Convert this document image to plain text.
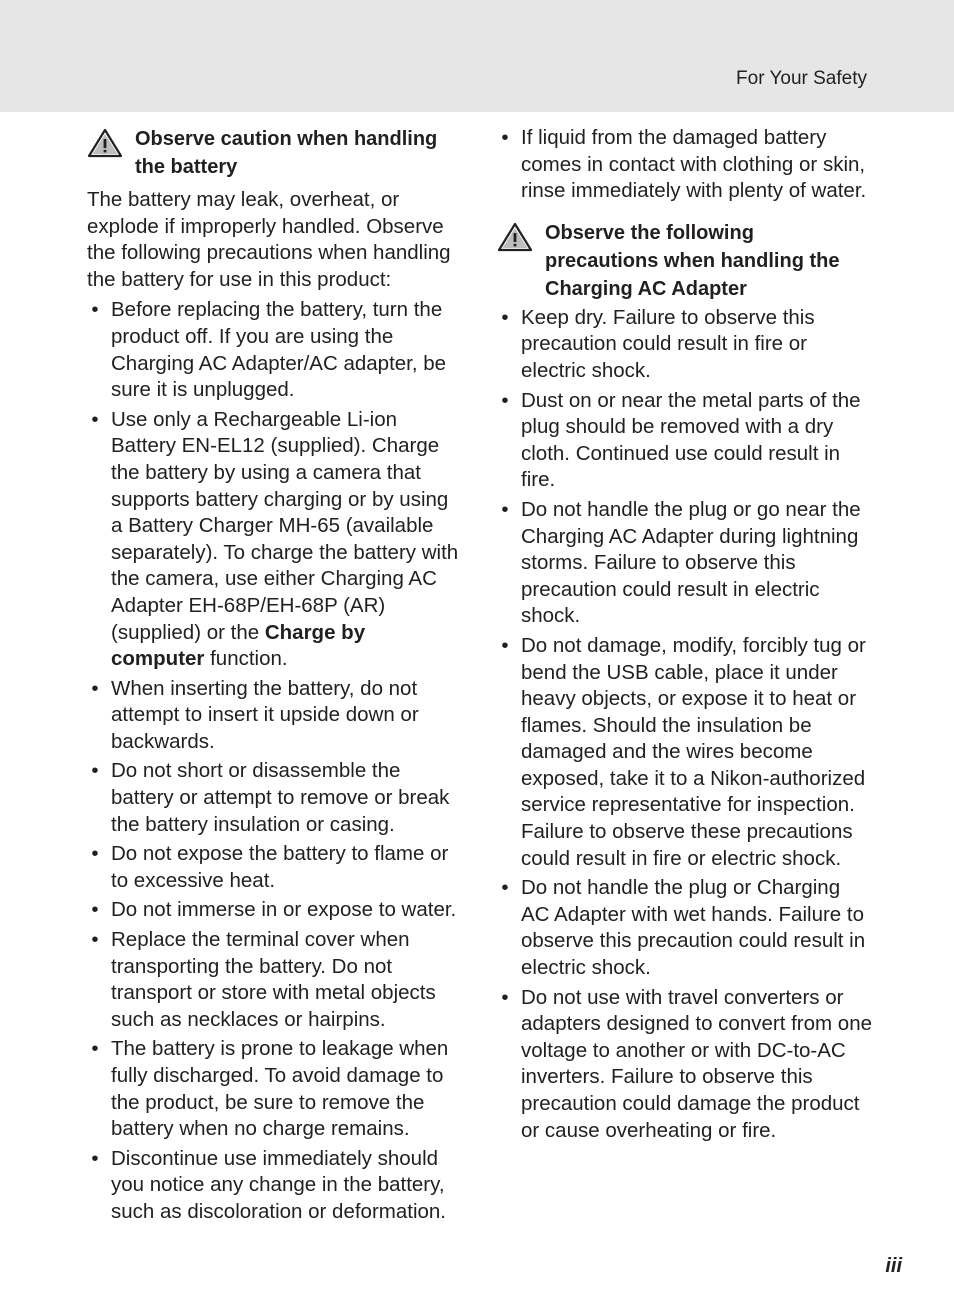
For Your Safety
Observe caution when handling the battery
The battery may leak, overheat, or explode if improperly handled. Observe the following precautions when handling the battery for use in this product:
• Before replacing the battery, turn the product off. If you are using the Charging AC Adapter/AC adapter, be sure it is unplugged.
• Use only a Rechargeable Li-ion Battery EN-EL12 (supplied). Charge the battery by using a camera that supports battery charging or by using a Battery Charger MH-65 (available separately). To charge the battery with the camera, use either Charging AC Adapter EH-68P/EH-68P (AR) (supplied) or the Charge by computer function.
• When inserting the battery, do not attempt to insert it upside down or backwards.
• Do not short or disassemble the battery or attempt to remove or break the battery insulation or casing.
• Do not expose the battery to flame or to excessive heat.
• Do not immerse in or expose to water.
• Replace the terminal cover when transporting the battery. Do not transport or store with metal objects such as necklaces or hairpins.
• The battery is prone to leakage when fully discharged. To avoid damage to the product, be sure to remove the battery when no charge remains.
• Discontinue use immediately should you notice any change in the battery, such as discoloration or deformation.
• If liquid from the damaged battery comes in contact with clothing or skin, rinse immediately with plenty of water.
Observe the following precautions when handling the Charging AC Adapter
• Keep dry. Failure to observe this precaution could result in fire or electric shock.
• Dust on or near the metal parts of the plug should be removed with a dry cloth. Continued use could result in fire.
• Do not handle the plug or go near the Charging AC Adapter during lightning storms. Failure to observe this precaution could result in electric shock.
• Do not damage, modify, forcibly tug or bend the USB cable, place it under heavy objects, or expose it to heat or flames. Should the insulation be damaged and the wires become exposed, take it to a Nikon-authorized service representative for inspection. Failure to observe these precautions could result in fire or electric shock.
• Do not handle the plug or Charging AC Adapter with wet hands. Failure to observe this precaution could result in electric shock.
• Do not use with travel converters or adapters designed to convert from one voltage to another or with DC-to-AC inverters. Failure to observe this precaution could damage the product or cause overheating or fire.
iii
